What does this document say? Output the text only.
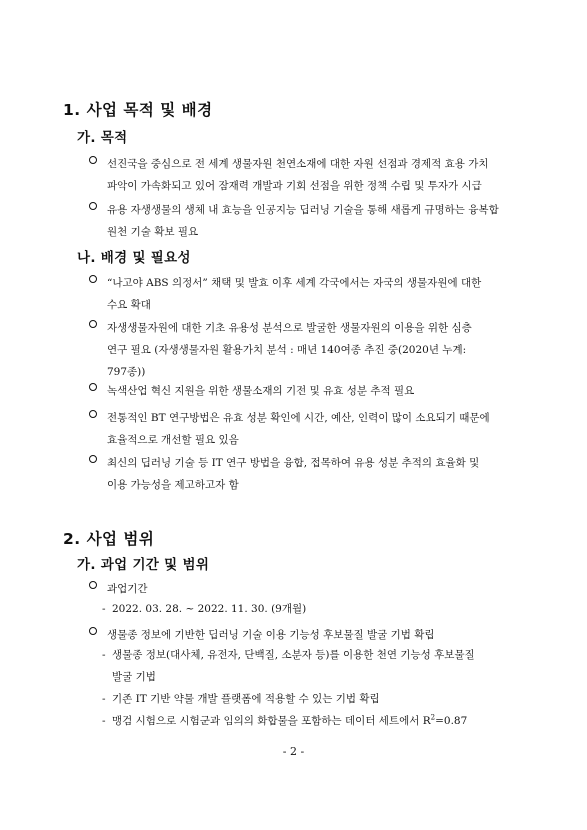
1. 사업 목적 및 배경
가. 목적
선진국을 중심으로 전 세계 생물자원 천연소재에 대한 자원 선점과 경제적 효용 가치
파악이 가속화되고 있어 잠재력 개발과 기회 선점을 위한 정책 수립 및 투자가 시급
유용 자생생물의 생체 내 효능을 인공지능 딥러닝 기술을 통해 새롭게 규명하는 융복합
원천 기술 확보 필요
나. 배경 및 필요성
“나고야 ABS 의정서” 채택 및 발효 이후 세계 각국에서는 자국의 생물자원에 대한
수요 확대
자생생물자원에 대한 기초 유용성 분석으로 발굴한 생물자원의 이용을 위한 심층
연구 필요 (자생생물자원 활용가치 분석 : 매년 140여종 추진 중(2020년 누계:
797종))
녹색산업 혁신 지원을 위한 생물소재의 기전 및 유효 성분 추적 필요
전통적인 BT 연구방법은 유효 성분 확인에 시간, 예산, 인력이 많이 소요되기 때문에
효율적으로 개선할 필요 있음
최신의 딥러닝 기술 등 IT 연구 방법을 융합, 접목하여 유용 성분 추적의 효율화 및
이용 가능성을 제고하고자 함
2. 사업 범위
가. 과업 기간 및 범위
과업기간
- 2022. 03. 28. ~ 2022. 11. 30. (9개월)
생물종 정보에 기반한 딥러닝 기술 이용 기능성 후보물질 발굴 기법 확립
- 생물종 정보(대사체, 유전자, 단백질, 소분자 등)를 이용한 천연 기능성 후보물질
발굴 기법
- 기존 IT 기반 약물 개발 플랫폼에 적용할 수 있는 기법 확립
- 맹검 시험으로 시험군과 임의의 화합물을 포함하는 데이터 세트에서 $R^2=0.87$
- 2 -
